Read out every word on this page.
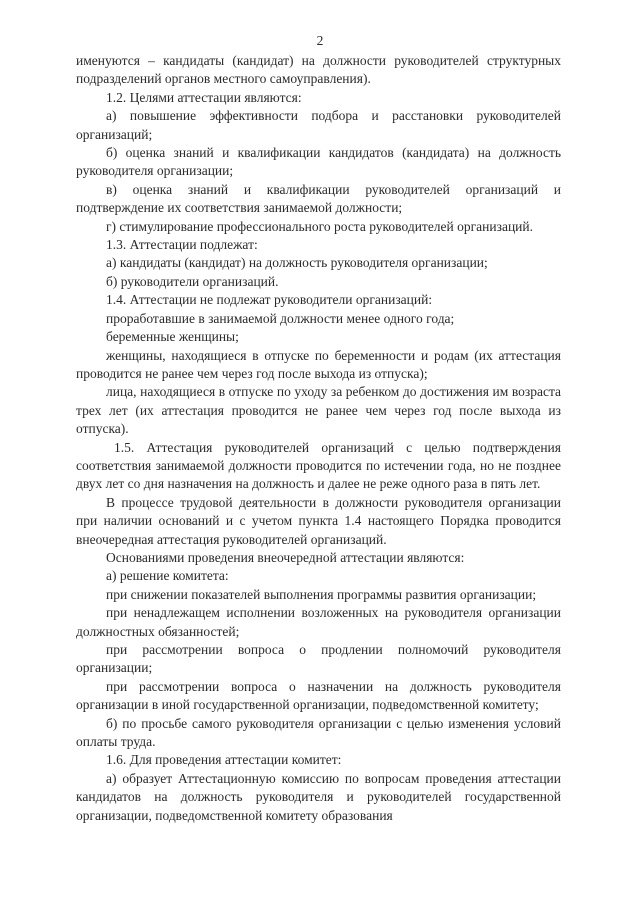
2

именуются – кандидаты (кандидат) на должности руководителей структурных подразделений органов местного самоуправления).

1.2. Целями аттестации являются:

а) повышение эффективности подбора и расстановки руководителей организаций;

б) оценка знаний и квалификации кандидатов (кандидата) на должность руководителя организации;

в) оценка знаний и квалификации руководителей организаций и подтверждение их соответствия занимаемой должности;

г) стимулирование профессионального роста руководителей организаций.

1.3. Аттестации подлежат:

а) кандидаты (кандидат) на должность руководителя организации;

б) руководители организаций.

1.4. Аттестации не подлежат руководители организаций:

проработавшие в занимаемой должности менее одного года;

беременные женщины;

женщины, находящиеся в отпуске по беременности и родам (их аттестация проводится не ранее чем через год после выхода из отпуска);

лица, находящиеся в отпуске по уходу за ребенком до достижения им возраста трех лет (их аттестация проводится не ранее чем через год после выхода из отпуска).

1.5. Аттестация руководителей организаций с целью подтверждения соответствия занимаемой должности проводится по истечении года, но не позднее двух лет со дня назначения на должность и далее не реже одного раза в пять лет.

В процессе трудовой деятельности в должности руководителя организации при наличии оснований и с учетом пункта 1.4 настоящего Порядка проводится внеочередная аттестация руководителей организаций.

Основаниями проведения внеочередной аттестации являются:

а) решение комитета:

при снижении показателей выполнения программы развития организации;

при ненадлежащем исполнении возложенных на руководителя организации должностных обязанностей;

при рассмотрении вопроса о продлении полномочий руководителя организации;

при рассмотрении вопроса о назначении на должность руководителя организации в иной государственной организации, подведомственной комитету;

б) по просьбе самого руководителя организации с целью изменения условий оплаты труда.

1.6. Для проведения аттестации комитет:

а) образует Аттестационную комиссию по вопросам проведения аттестации кандидатов на должность руководителя и руководителей государственной организации, подведомственной комитету образования
